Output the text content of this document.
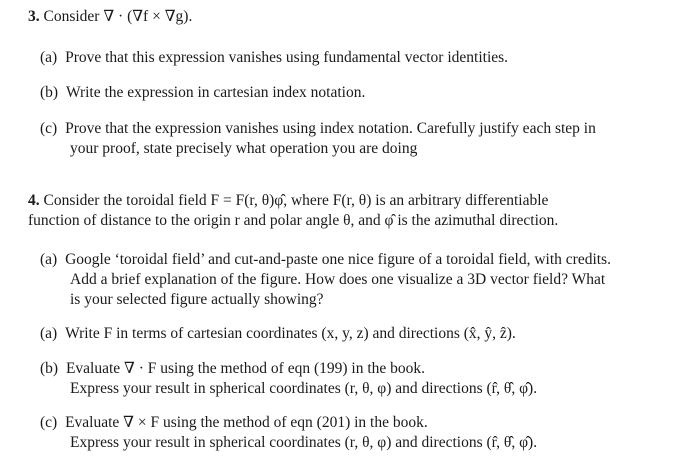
3. Consider ∇ · (∇f × ∇g).
(a) Prove that this expression vanishes using fundamental vector identities.
(b) Write the expression in cartesian index notation.
(c) Prove that the expression vanishes using index notation. Carefully justify each step in
your proof, state precisely what operation you are doing
4. Consider the toroidal field F = F(r, θ)φ̂, where F(r, θ) is an arbitrary differentiable
function of distance to the origin r and polar angle θ, and φ̂ is the azimuthal direction.
(a) Google ‘toroidal field’ and cut-and-paste one nice figure of a toroidal field, with credits.
Add a brief explanation of the figure. How does one visualize a 3D vector field? What
is your selected figure actually showing?
(a) Write F in terms of cartesian coordinates (x, y, z) and directions (x̂, ŷ, ẑ).
(b) Evaluate ∇ · F using the method of eqn (199) in the book.
Express your result in spherical coordinates (r, θ, φ) and directions (r̂, θ̂, φ̂).
(c) Evaluate ∇ × F using the method of eqn (201) in the book.
Express your result in spherical coordinates (r, θ, φ) and directions (r̂, θ̂, φ̂).
